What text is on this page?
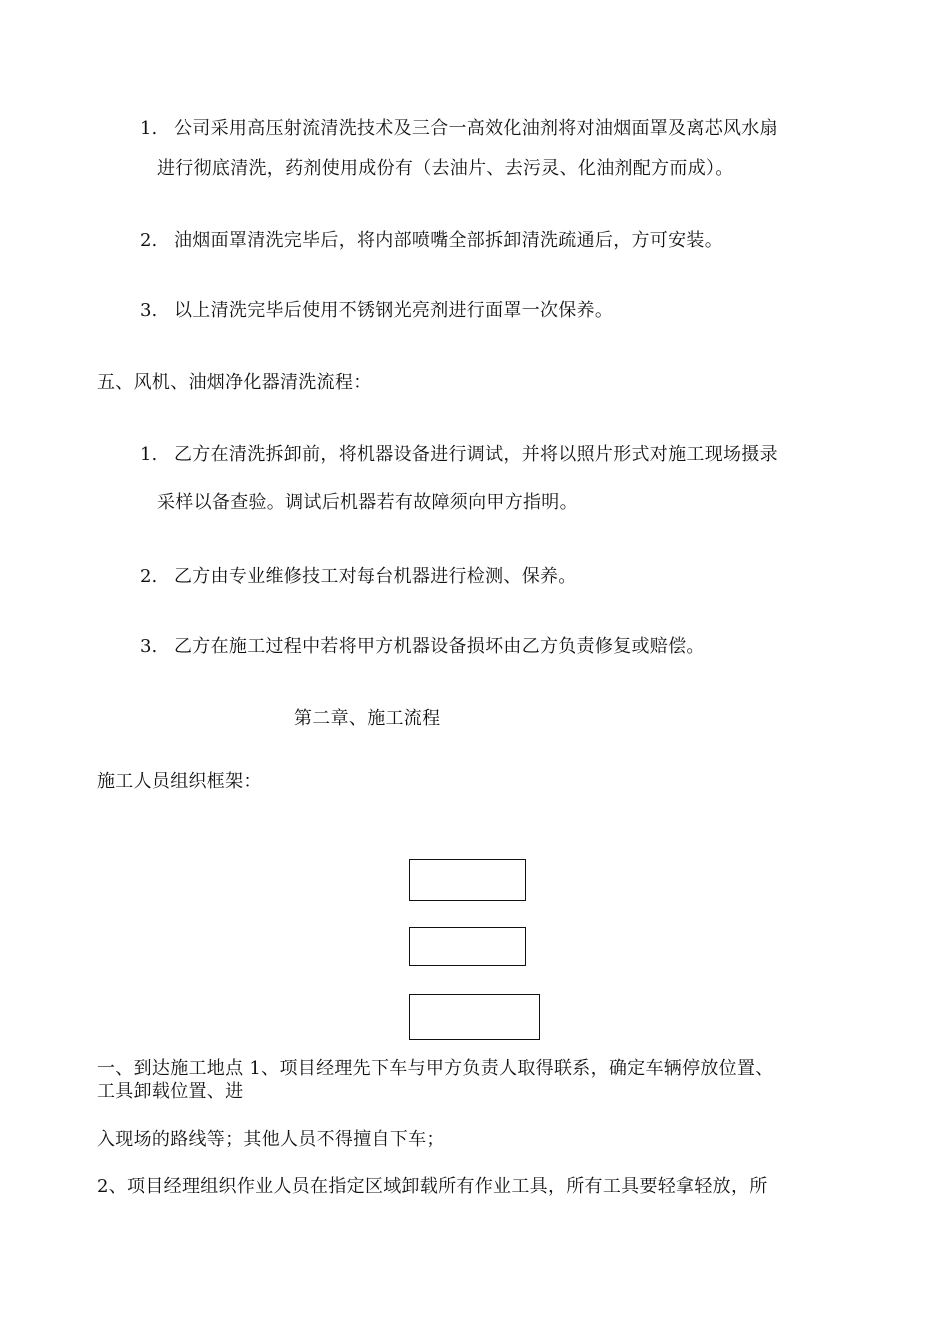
1. 公司采用高压射流清洗技术及三合一高效化油剂将对油烟面罩及离芯风水扇
进行彻底清洗，药剂使用成份有（去油片、去污灵、化油剂配方而成）。
2. 油烟面罩清洗完毕后，将内部喷嘴全部拆卸清洗疏通后，方可安装。
3. 以上清洗完毕后使用不锈钢光亮剂进行面罩一次保养。
五、风机、油烟净化器清洗流程：
1. 乙方在清洗拆卸前，将机器设备进行调试，并将以照片形式对施工现场摄录
采样以备查验。调试后机器若有故障须向甲方指明。
2. 乙方由专业维修技工对每台机器进行检测、保养。
3. 乙方在施工过程中若将甲方机器设备损坏由乙方负责修复或赔偿。
第二章、施工流程
施工人员组织框架：
一、到达施工地点 1、项目经理先下车与甲方负责人取得联系，确定车辆停放位置、
工具卸载位置、进
入现场的路线等；其他人员不得擅自下车；
2、项目经理组织作业人员在指定区域卸载所有作业工具，所有工具要轻拿轻放，所
